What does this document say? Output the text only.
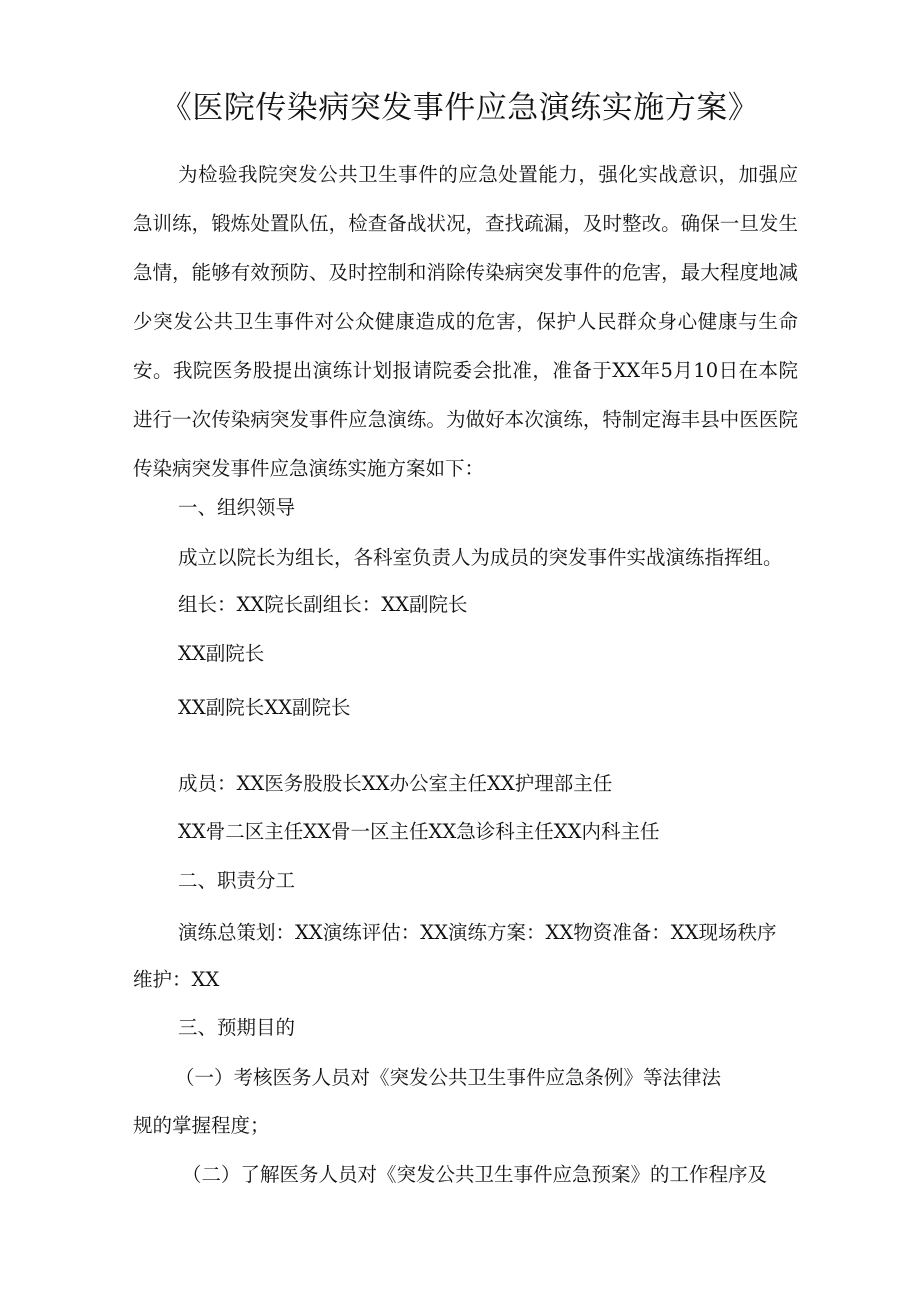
《医院传染病突发事件应急演练实施方案》

为检验我院突发公共卫生事件的应急处置能力，强化实战意识，加强应急训练，锻炼处置队伍，检查备战状况，查找疏漏，及时整改。确保一旦发生急情，能够有效预防、及时控制和消除传染病突发事件的危害，最大程度地减少突发公共卫生事件对公众健康造成的危害，保护人民群众身心健康与生命安。我院医务股提出演练计划报请院委会批准，准备于XX年5月10日在本院进行一次传染病突发事件应急演练。为做好本次演练，特制定海丰县中医医院传染病突发事件应急演练实施方案如下：

一、组织领导

成立以院长为组长，各科室负责人为成员的突发事件实战演练指挥组。

组长：XX院长副组长：XX副院长

XX副院长

XX副院长XX副院长

成员：XX医务股股长XX办公室主任XX护理部主任

XX骨二区主任XX骨一区主任XX急诊科主任XX内科主任

二、职责分工

演练总策划：XX演练评估：XX演练方案：XX物资准备：XX现场秩序

维护：XX

三、预期目的

（一）考核医务人员对《突发公共卫生事件应急条例》等法律法

规的掌握程度；

（二）了解医务人员对《突发公共卫生事件应急预案》的工作程序及
